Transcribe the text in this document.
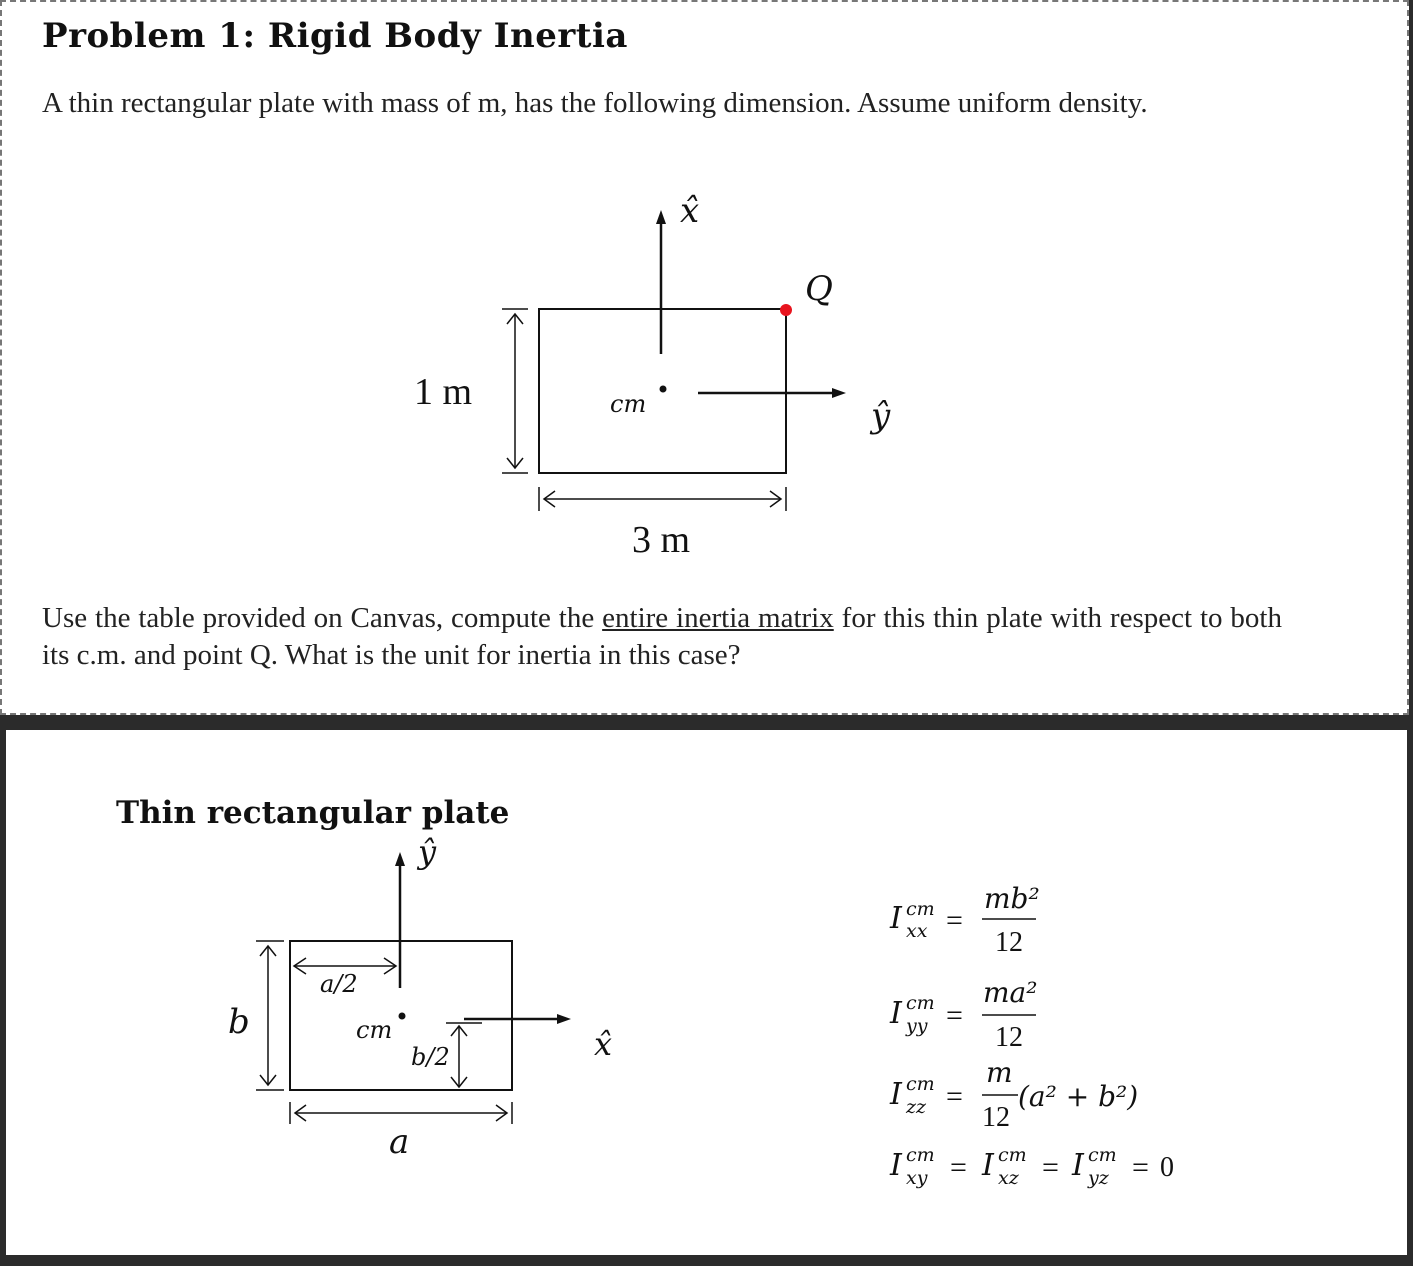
Problem 1: Rigid Body Inertia
A thin rectangular plate with mass of m, has the following dimension. Assume uniform density.
1 m
3 m
cm
Q
x̂
ŷ
Use the table provided on Canvas, compute the entire inertia matrix for this thin plate with respect to both its c.m. and point Q. What is the unit for inertia in this case?
Thin rectangular plate
ŷ
x̂
cm
a/2
b/2
b
a
I cm
xx =
mb²
12
I cm
yy =
ma²
12
I cm
zz =
m
12
(a² + b²)
I cm
xy = I cm
xz = I cm
yz = 0
